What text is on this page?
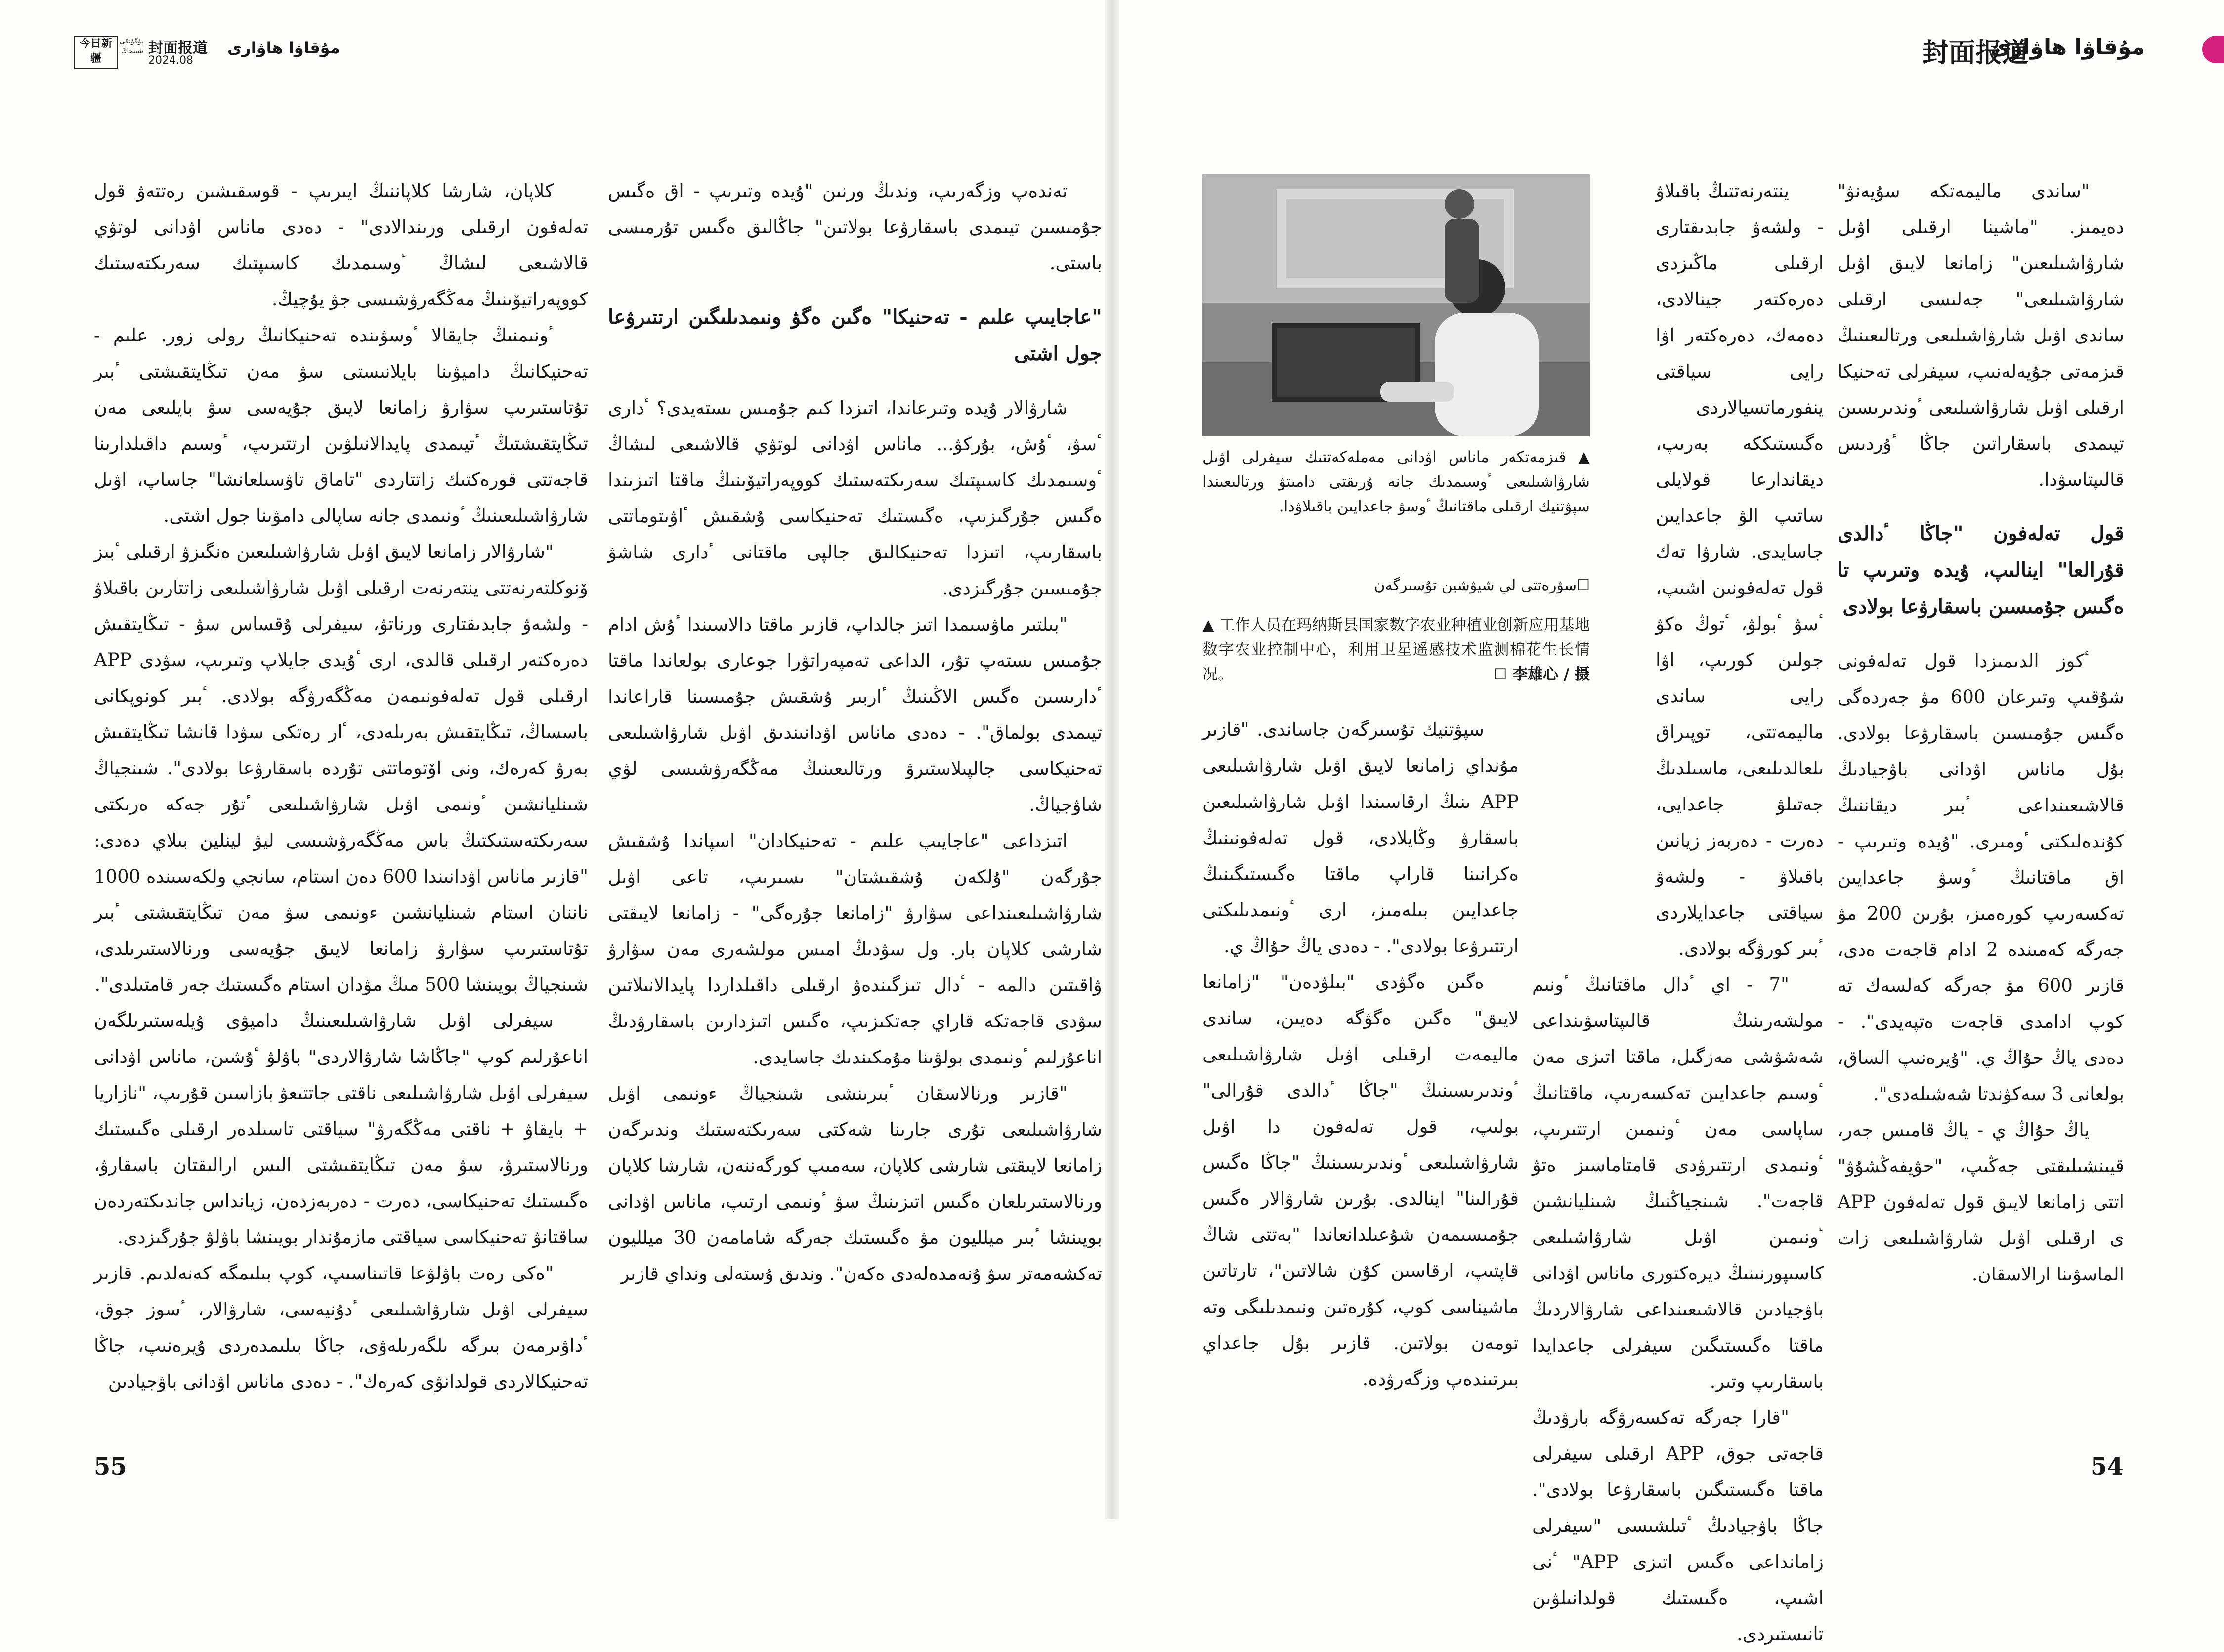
مۇقاۋا ھاۋارى
封面报道
今日新疆
بۈگۈنكى شىنجاڭ 封面报道
2024.08
مۇقاۋا ھاۋارى

"ساندى ماليمەتكە سۇيەنۋ" دەيمىز. "ماشينا ارقىلى اۋىل شارۋاشىلىعىن" زامانعا لايىق اۋىل شارۋاشىلىعى" جەلىسى ارقىلى ساندى اۋىل شارۋاشىلىعى ورتالىعىنىڭ قىزمەتى جۇيەلەنىپ، سيفرلى تەحنيكا ارقىلى اۋىل شارۋاشىلىعى ٴوندىرىسىن تيىمدى باسقاراتىن جاڭا ٴۇردىس قالىپتاسۋدا.

قول تەلەفون "جاڭا ٴدالدى قۇرالعا" اينالىپ، ۇيدە وتىرىپ تا ەگىس جۇمىسىن باسقارۋعا بولادى

ٴكوز الدىمىزدا قول تەلەفونى شۇقىپ وتىرعان 600 مۋ جەردەگى ەگىس جۇمىسىن باسقارۋعا بولادى. بۇل ماناس اۋدانى باۋجيادىڭ قالاشىعىنداعى ٴبىر ديقاننىڭ كۇندەلىكتى ٴومىرى. "ۇيدە وتىرىپ - اق ماقتانىڭ ٴوسۋ جاعدايىن تەكسەرىپ كورەمىز، بۇرىن 200 مۋ جەرگە كەمىندە 2 ادام قاجەت ەدى، قازىر 600 مۋ جەرگە كەلسەك تە كوپ ادامدى قاجەت ەتپەيدى". - دەدى ياڭ حۇاڭ ي. "ۇيرەنىپ الساق، بولعانى 3 سەكۋندتا شەشىلەدى".

ياڭ حۇاڭ ي - ياڭ قامىس جەر، قيىنشىلىقتى جەڭىپ، "حۋيفەڭشۇۋ" اتتى زامانعا لايىق قول تەلەفون APP ى ارقىلى اۋىل شارۋاشىلىعى زات الماسۋىنا ارالاسقان.

ينتەرنەتتىڭ باقىلاۋ - ولشەۋ جابدىقتارى ارقىلى ماڭىزدى دەرەكتەر جينالادى، دەمەك، دەرەكتەر اۋا رايى سياقتى ينفورماتسيالاردى ەگىستىككە بەرىپ، ديقاندارعا قولايلى ساتىپ الۋ جاعدايىن جاسايدى. شارۋا تەك قول تەلەفونىن اشىپ، ٴسۋ ٴبولۋ، ٴتوڭ ەكۋ جولىن كورىپ، اۋا رايى ساندى ماليمەتتى، توپىراق ىلعالدىلىعى، ماسىلدىڭ جەتىلۋ جاعدايى، دەرت - دەربەز زيانىن باقىلاۋ - ولشەۋ سياقتى جاعدايلاردى ٴبىر كورۋگە بولادى.

"7 - اي ٴدال ماقتانىڭ ٴونىم مولشەرىنىڭ قالىپتاسۋىنداعى شەشۋشى مەزگىل، ماقتا اتىزى مەن ٴوسىم جاعدايىن تەكسەرىپ، ماقتانىڭ ساپاسى مەن ٴونىمىن ارتتىرىپ، ٴونىمدى ارتتىرۋدى قامتاماسىز ەتۋ قاجەت". شىنجياڭنىڭ شىنليانشىن ٴونىمىن اۋىل شارۋاشىلىعى كاسىپورنىنىڭ ديرەكتورى ماناس اۋدانى باۋجيادىن قالاشىعىنداعى شارۋالاردىڭ ماقتا ەگىستىگىن سيفرلى جاعدايدا باسقارىپ وتىر.

"قارا جەرگە تەكسەرۋگە بارۋدىڭ قاجەتى جوق، APP ارقىلى سيفرلى ماقتا ەگىستىگىن باسقارۋعا بولادى". جاڭا باۋجيادىڭ ٴتىلشىسى "سيفرلى زامانداعى ەگىس اتىزى APP" ٴنى اشىپ، ەگىستىك قولدانىلۋىن تانىستىردى.

▲ قىزمەتكەر ماناس اۋدانى مەملەكەتتىك سيفرلى اۋىل شارۋاشىلىعى ٴوسىمدىك جانە ۇرىقتى دامىتۋ ورتالىعىندا سپۋتنيك ارقىلى ماقتانىڭ ٴوسۋ جاعدايىن باقىلاۋدا.
☐سۋرەتتى لي شيۋشين تۇسىرگەن
▲ 工作人员在玛纳斯县国家数字农业种植业创新应用基地数字农业控制中心，利用卫星遥感技术监测棉花生长情况。	☐ 李雄心 / 摄

سپۋتنيك تۇسىرگەن جاساندى. "قازىر مۇنداي زامانعا لايىق اۋىل شارۋاشىلىعى APP ىنىڭ ارقاسىندا اۋىل شارۋاشىلىعىن باسقارۋ وڭايلادى، قول تەلەفونىنىڭ ەكرانىنا قاراپ ماقتا ەگىستىگىنىڭ جاعدايىن بىلەمىز، ارى ٴونىمدىلىكتى ارتتىرۋعا بولادى". - دەدى ياڭ حۇاڭ ي.

ەگىن ەگۋدى "بىلۋدەن" "زامانعا لايىق" ەگىن ەگۋگە دەيىن، ساندى ماليمەت ارقىلى اۋىل شارۋاشىلىعى ٴوندىرىسىنىڭ "جاڭا ٴدالدى قۇرالى" بولىپ، قول تەلەفون دا اۋىل شارۋاشىلىعى ٴوندىرىسىنىڭ "جاڭا ەگىس قۇرالىنا" اينالدى. بۇرىن شارۋالار ەگىس جۇمىسىمەن شۇعىلدانعاندا "بەتتى شاڭ قاپتىپ، ارقاسىن كۇن شالاتىن"، تارتاتىن ماشيناسى كوپ، كۇرەتىن ونىمدىلىگى وتە تومەن بولاتىن. قازىر بۇل جاعداي بىرتىندەپ وزگەرۋدە.

54

تەندەپ وزگەرىپ، وندىڭ ورنىن "ۇيدە وتىرىپ - اق ەگىس جۇمىسىن تيىمدى باسقارۋعا بولاتىن" جاڭالىق ەگىس تۇرمىسى باستى.

"عاجايىپ علىم - تەحنيكا" ەگىن ەگۋ ونىمدىلىگىن ارتتىرۋعا جول اشتى

شارۋالار ۇيدە وتىرعاندا، اتىزدا كىم جۇمىس ىستەيدى؟ ٴدارى ٴسۋ، ٴۇش، بۇركۋ... ماناس اۋدانى لوتۋي قالاشىعى لىشاڭ ٴوسىمدىك كاسىپتىك سەرىكتەستىك كووپەراتيۆىنىڭ ماقتا اتىزىندا ەگىس جۇرگىزىپ، ەگىستىك تەحنيكاسى ۇشقىش ٴاۋىتوماتتى باسقارىپ، اتىزدا تەحنيكالىق جالپى ماقتانى ٴدارى شاشۋ جۇمىسىن جۇرگىزدى.

"بىلتىر ماۋسىمدا اتىز جالداپ، قازىر ماقتا دالاسىندا ٴۇش ادام جۇمىس ىستەپ تۇر، الداعى تەمپەراتۋرا جوعارى بولعاندا ماقتا ٴدارىسىن ەگىس الاڭىنىڭ ٴاربىر ۇشقىش جۇمىسىنا قاراعاندا تيىمدى بولماق". - دەدى ماناس اۋدانىندىق اۋىل شارۋاشىلىعى تەحنيكاسى جالپىلاستىرۋ ورتالىعىنىڭ مەڭگەرۋشىسى لۋي شاۋجياڭ.

اتىزداعى "عاجايىپ علىم - تەحنيكادان" اسپاندا ۇشقىش جۇرگەن "ۇلكەن ۇشقىشتان" ىسىرىپ، تاعى اۋىل شارۋاشىلىعىنداعى سۋارۋ "زامانعا جۇرەگى" - زامانعا لايىقتى شارشى كلاپان بار. ول سۋدىڭ امىس مولشەرى مەن سۋارۋ ۋاقىتىن دالمە - ٴدال تىزگىندەۋ ارقىلى داقىلداردا پايدالانىلاتىن سۋدى قاجەتكە قاراي جەتكىزىپ، ەگىس اتىزدارىن باسقارۋدىڭ اناعۇرلىم ٴونىمدى بولۋىنا مۇمكىندىك جاسايدى.

"قازىر ورنالاسقان ٴبىرىنشى شىنجياڭ ءونىمى اۋىل شارۋاشىلىعى تۇرى جارىنا شەكتى سەرىكتەستىك وندىرگەن زامانعا لايىقتى شارشى كلاپان، سەمىپ كورگەننەن، شارشا كلاپان ورنالاستىرىلعان ەگىس اتىزىنىڭ سۋ ٴونىمى ارتىپ، ماناس اۋدانى بويىنشا ٴبىر ميلليون مۋ ەگىستىك جەرگە شامامەن 30 ميلليون تەكشەمەتر سۋ ۇنەمدەلەدى ەكەن". وندىق ۇستەلى ونداي قازىر

كلاپان، شارشا كلاپاننىڭ ايىرىپ - قوسقىشىن رەتتەۋ قول تەلەفون ارقىلى ورىندالادى" - دەدى ماناس اۋدانى لوتۋي قالاشىعى لىشاڭ ٴوسىمدىك كاسىپتىك سەرىكتەستىك كووپەراتيۆىنىڭ مەڭگەرۋشىسى جۋ يۇچيڭ.

ٴونىمنىڭ جايقالا ٴوسۋىندە تەحنيكانىڭ رولى زور. علىم - تەحنيكانىڭ داميۋىنا بايلانىستى سۋ مەن تىڭايتقىشتى ٴبىر تۇتاستىرىپ سۋارۋ زامانعا لايىق جۇيەسى سۋ بايلىعى مەن تىڭايتقىشتىڭ ٴتيىمدى پايدالانىلۋىن ارتتىرىپ، ٴوسىم داقىلدارىنا قاجەتتى قورەكتىك زاتتاردى "تاماق تاۋسىلعانشا" جاساپ، اۋىل شارۋاشىلىعىنىڭ ٴونىمدى جانە ساپالى دامۋىنا جول اشتى.

"شارۋالار زامانعا لايىق اۋىل شارۋاشىلىعىن ەنگىزۋ ارقىلى ٴبىز ۆنوكلتەرنەتتى ينتەرنەت ارقىلى اۋىل شارۋاشىلىعى زاتتارىن باقىلاۋ - ولشەۋ جابدىقتارى ورناتۋ، سيفرلى ۇقساس سۋ - تىڭايتقىش دەرەكتەر ارقىلى قالدى، ارى ٴۇيدى جايلاپ وتىرىپ، سۋدى APP ارقىلى قول تەلەفونىمەن مەڭگەرۋگە بولادى. ٴبىر كونوپكانى باسساڭ، تىڭايتقىش بەرىلەدى، ٴار رەتكى سۋدا قانشا تىڭايتقىش بەرۋ كەرەك، ونى اۆتوماتتى تۇردە باسقارۋعا بولادى". شىنجياڭ شىنليانشىن ٴونىمى اۋىل شارۋاشىلىعى ٴتۇر جەكە ەرىكتى سەرىكتەستىكتىڭ باس مەڭگەرۋشىسى ليۋ لينلين بىلاي دەدى: "قازىر ماناس اۋدانىندا 600 دەن استام، سانجي ولكەسىندە 1000 ناننان استام شىنليانشىن ءونىمى سۋ مەن تىڭايتقىشتى ٴبىر تۇتاستىرىپ سۋارۋ زامانعا لايىق جۇيەسى ورنالاستىرىلدى، شىنجياڭ بويىنشا 500 مىڭ مۋدان استام ەگىستىك جەر قامتىلدى".

سيفرلى اۋىل شارۋاشىلىعىنىڭ داميۋى ۇيلەستىرىلگەن اناعۇرلىم كوپ "جاڭاشا شارۋالاردى" باۋلۋ ٴۇشىن، ماناس اۋدانى سيفرلى اۋىل شارۋاشىلىعى ناقتى جاتتىعۋ بازاسىن قۇرىپ، "نازاريا + بايقاۋ + ناقتى مەڭگەرۋ" سياقتى تاسىلدەر ارقىلى ەگىستىك ورنالاستىرۋ، سۋ مەن تىڭايتقىشتى الىس ارالىقتان باسقارۋ، ەگىستىك تەحنيكاسى، دەرت - دەربەزدەن، زيانداس جاندىكتەردەن ساقتانۋ تەحنيكاسى سياقتى مازمۇندار بويىنشا باۋلۋ جۇرگىزدى.

"ەكى رەت باۋلۋعا قاتىناسىپ، كوپ بىلىمگە كەنەلدىم. قازىر سيفرلى اۋىل شارۋاشىلىعى ٴدۇنيەسى، شارۋالار، ٴسوز جوق، ٴداۋىرمەن بىرگە ىلگەرىلەۋى، جاڭا بىلىمدەردى ۇيرەنىپ، جاڭا تەحنيكالاردى قولدانۋى كەرەك". - دەدى ماناس اۋدانى باۋجيادىن

55
